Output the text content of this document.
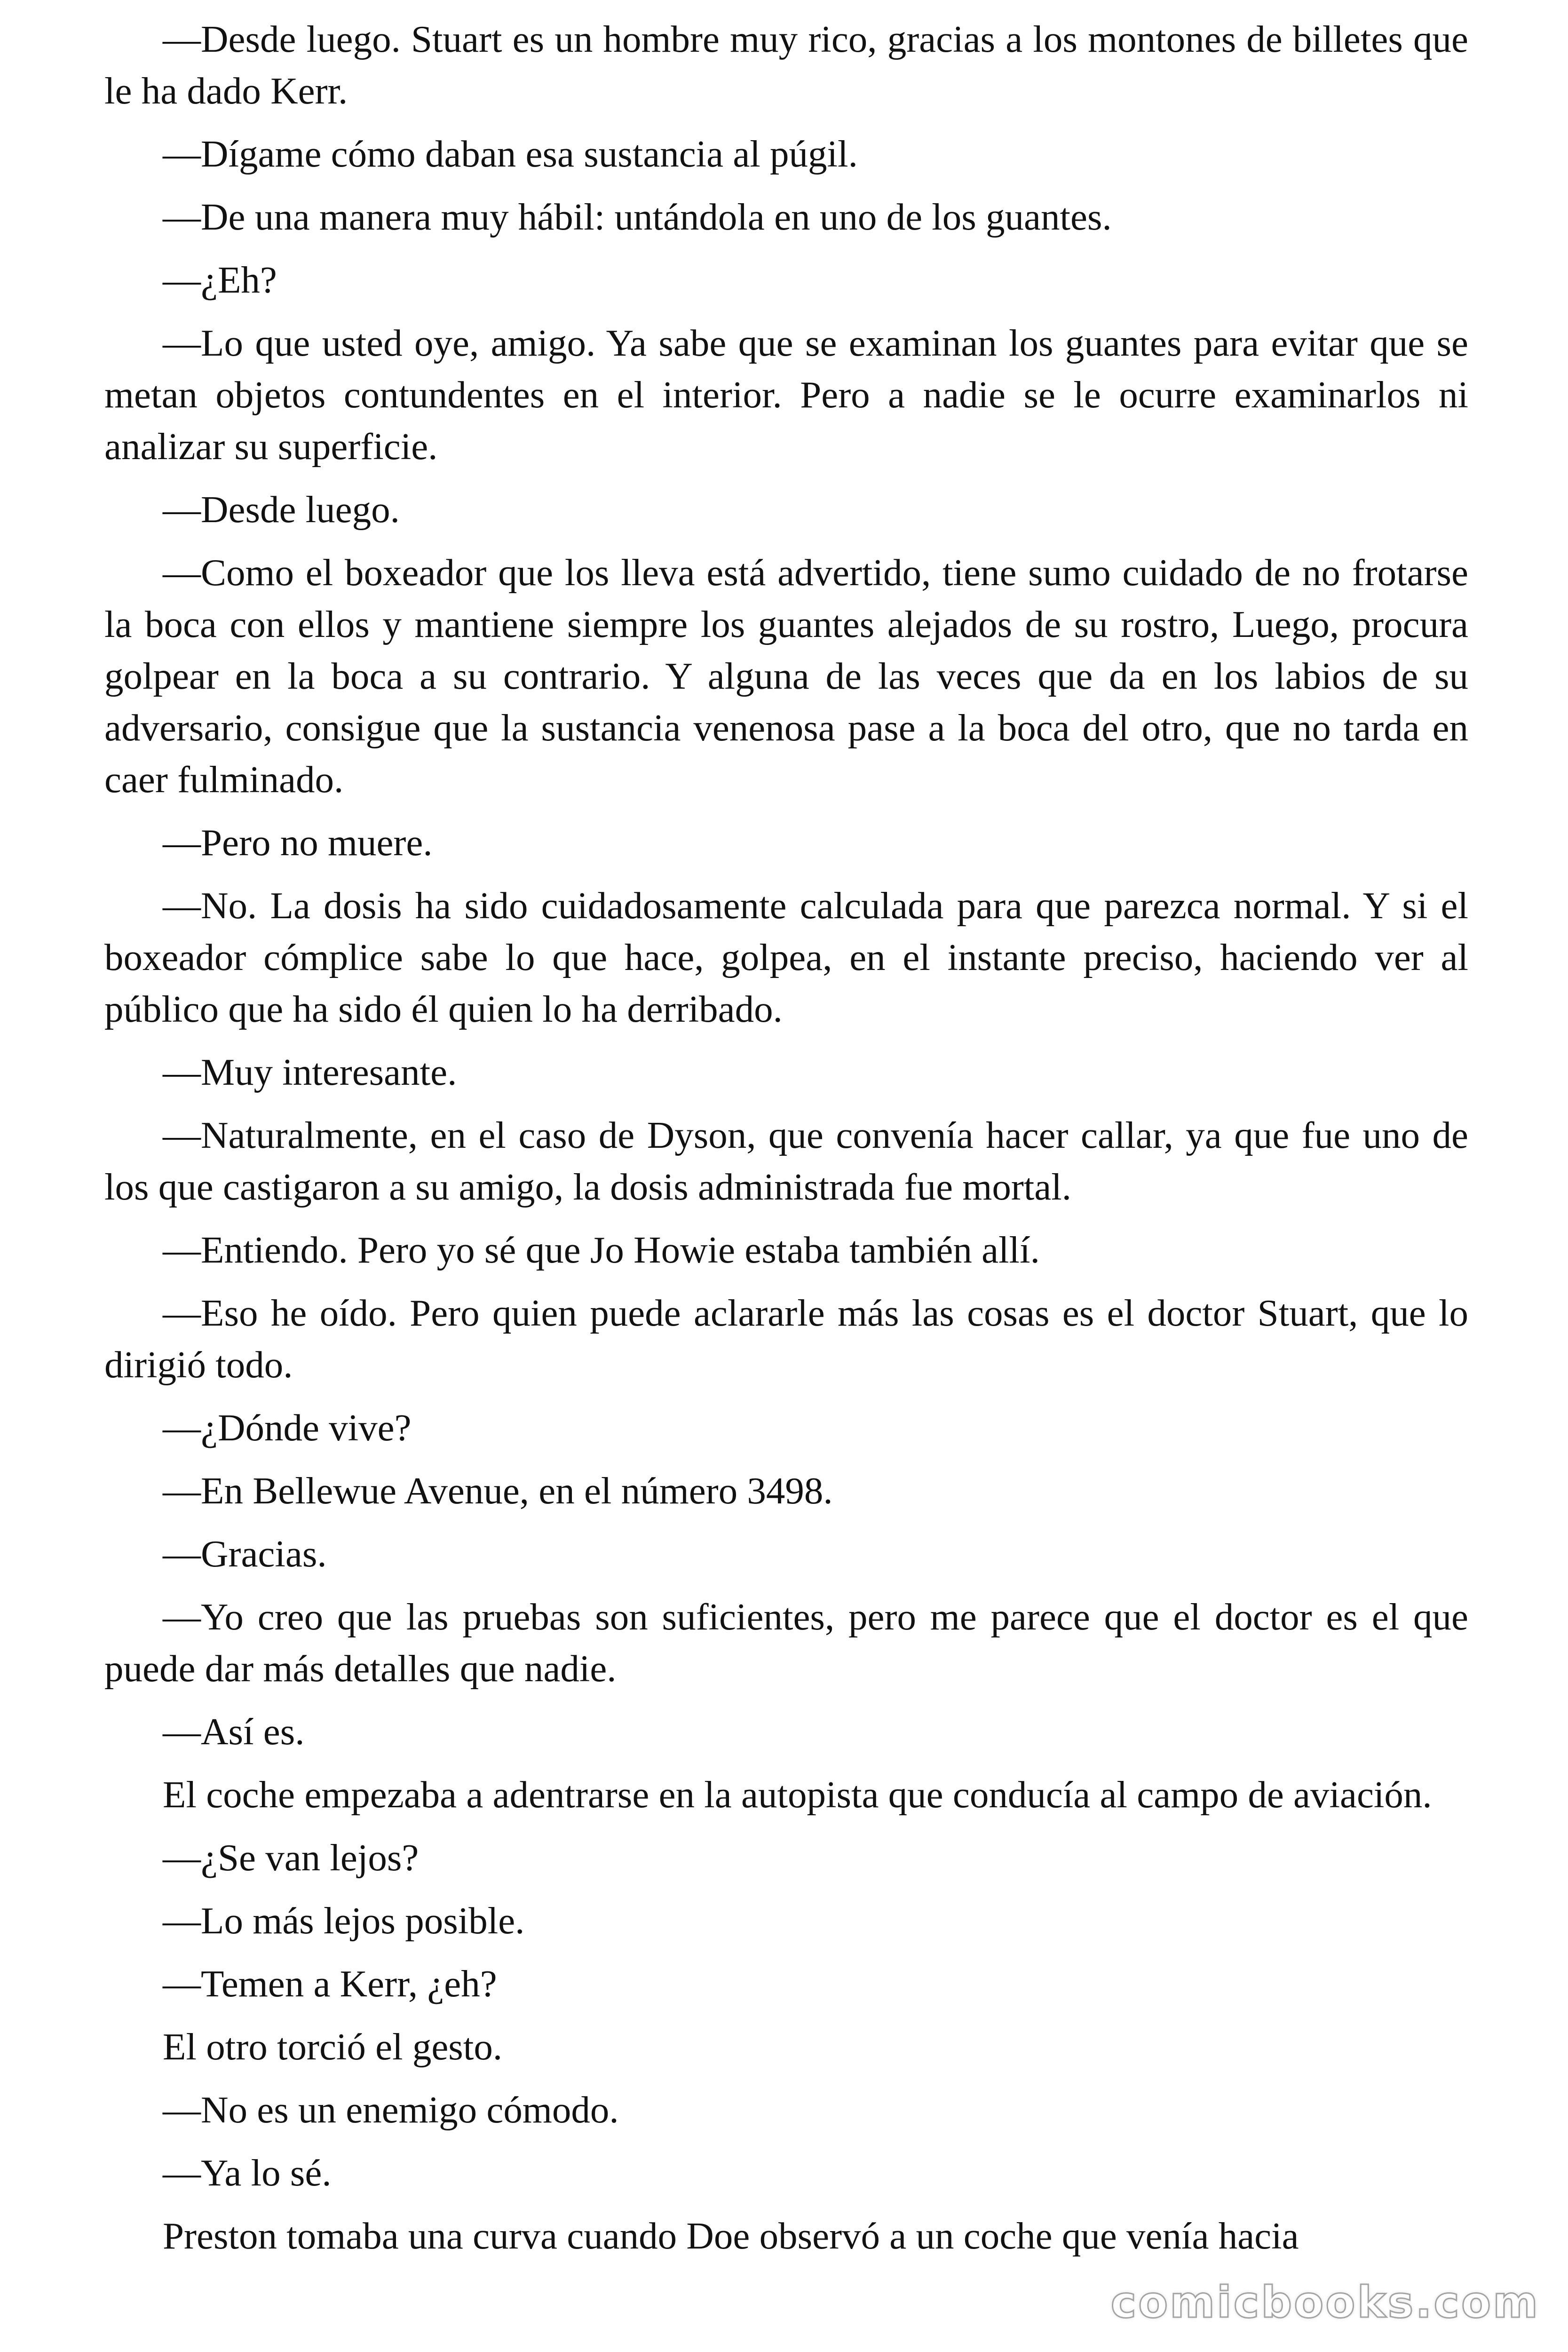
—Desde luego. Stuart es un hombre muy rico, gracias a los montones de billetes que le ha dado Kerr.

—Dígame cómo daban esa sustancia al púgil.

—De una manera muy hábil: untándola en uno de los guantes.

—¿Eh?

—Lo que usted oye, amigo. Ya sabe que se examinan los guantes para evitar que se metan objetos contundentes en el interior. Pero a nadie se le ocurre examinarlos ni analizar su superficie.

—Desde luego.

—Como el boxeador que los lleva está advertido, tiene sumo cuidado de no frotarse la boca con ellos y mantiene siempre los guantes alejados de su rostro, Luego, procura golpear en la boca a su contrario. Y alguna de las veces que da en los labios de su adversario, consigue que la sustancia venenosa pase a la boca del otro, que no tarda en caer fulminado.

—Pero no muere.

—No. La dosis ha sido cuidadosamente calculada para que parezca normal. Y si el boxeador cómplice sabe lo que hace, golpea, en el instante preciso, haciendo ver al público que ha sido él quien lo ha derribado.

—Muy interesante.

—Naturalmente, en el caso de Dyson, que convenía hacer callar, ya que fue uno de los que castigaron a su amigo, la dosis administrada fue mortal.

—Entiendo. Pero yo sé que Jo Howie estaba también allí.

—Eso he oído. Pero quien puede aclararle más las cosas es el doctor Stuart, que lo dirigió todo.

—¿Dónde vive?

—En Bellewue Avenue, en el número 3498.

—Gracias.

—Yo creo que las pruebas son suficientes, pero me parece que el doctor es el que puede dar más detalles que nadie.

—Así es.

El coche empezaba a adentrarse en la autopista que conducía al campo de aviación.

—¿Se van lejos?

—Lo más lejos posible.

—Temen a Kerr, ¿eh?

El otro torció el gesto.

—No es un enemigo cómodo.

—Ya lo sé.

Preston tomaba una curva cuando Doe observó a un coche que venía hacia

comicbooks.com
